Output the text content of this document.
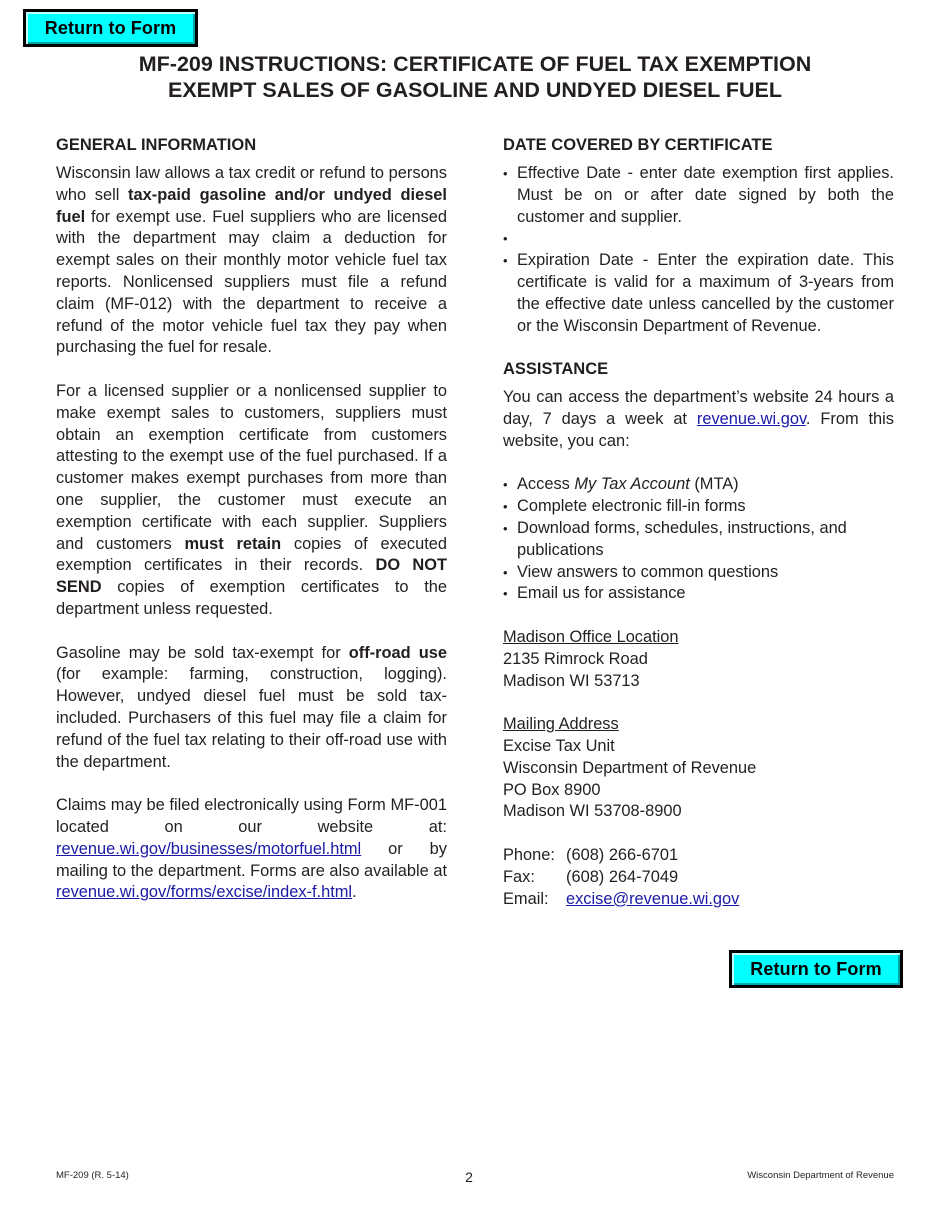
Return to Form
MF-209 INSTRUCTIONS: CERTIFICATE OF FUEL TAX EXEMPTION
EXEMPT SALES OF GASOLINE AND UNDYED DIESEL FUEL
GENERAL INFORMATION

Wisconsin law allows a tax credit or refund to persons who sell tax-paid gasoline and/or undyed diesel fuel for exempt use. Fuel suppliers who are licensed with the department may claim a deduction for exempt sales on their monthly motor vehicle fuel tax reports. Nonlicensed suppliers must file a refund claim (MF-012) with the department to receive a refund of the motor vehicle fuel tax they pay when purchasing the fuel for resale.

For a licensed supplier or a nonlicensed supplier to make exempt sales to customers, suppliers must obtain an exemption certificate from customers attesting to the exempt use of the fuel purchased. If a customer makes exempt purchases from more than one supplier, the customer must execute an exemption certificate with each supplier. Suppliers and customers must retain copies of executed exemption certificates in their records. DO NOT SEND copies of exemption certificates to the department unless requested.

Gasoline may be sold tax-exempt for off-road use (for example: farming, construction, logging). However, undyed diesel fuel must be sold tax-included. Purchasers of this fuel may file a claim for refund of the fuel tax relating to their off-road use with the department.

Claims may be filed electronically using Form MF-001 located on our website at: revenue.wi.gov/businesses/motorfuel.html or by mailing to the department. Forms are also available at revenue.wi.gov/forms/excise/index-f.html.

DATE COVERED BY CERTIFICATE
• Effective Date - enter date exemption first applies. Must be on or after date signed by both the customer and supplier.
•
• Expiration Date - Enter the expiration date. This certificate is valid for a maximum of 3-years from the effective date unless cancelled by the customer or the Wisconsin Department of Revenue.
ASSISTANCE

You can access the department’s website 24 hours a day, 7 days a week at revenue.wi.gov. From this website, you can:

• Access My Tax Account (MTA)
• Complete electronic fill-in forms
• Download forms, schedules, instructions, and publications
• View answers to common questions
• Email us for assistance
Madison Office Location
2135 Rimrock Road
Madison WI 53713
Mailing Address
Excise Tax Unit
Wisconsin Department of Revenue
PO Box 8900
Madison WI 53708-8900
Phone: (608) 266-6701
Fax:	(608) 264-7049
Email:	excise@revenue.wi.gov
Return to Form
MF-209 (R. 5-14)	2	Wisconsin Department of Revenue
